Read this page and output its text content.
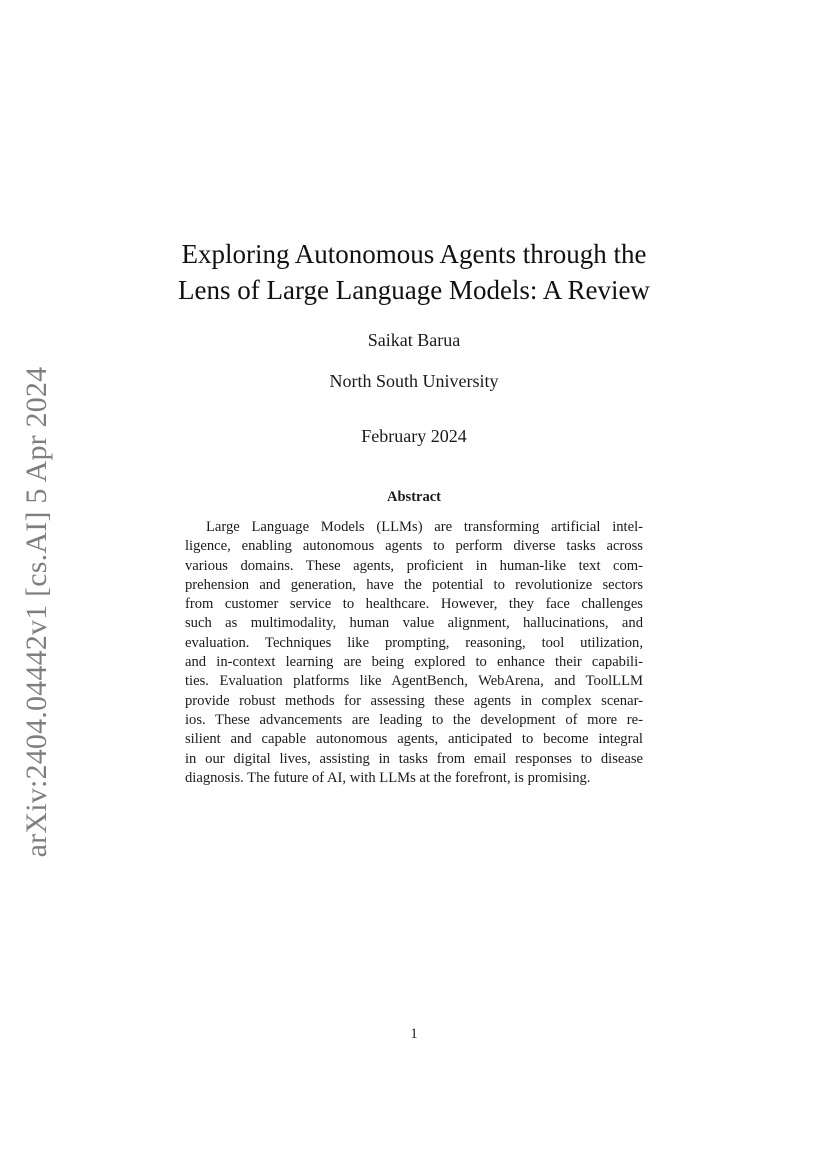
arXiv:2404.04442v1 [cs.AI] 5 Apr 2024
Exploring Autonomous Agents through the
Lens of Large Language Models: A Review
Saikat Barua
North South University
February 2024
Abstract
Large Language Models (LLMs) are transforming artificial intel-
ligence, enabling autonomous agents to perform diverse tasks across
various domains. These agents, proficient in human-like text com-
prehension and generation, have the potential to revolutionize sectors
from customer service to healthcare. However, they face challenges
such as multimodality, human value alignment, hallucinations, and
evaluation. Techniques like prompting, reasoning, tool utilization,
and in-context learning are being explored to enhance their capabili-
ties. Evaluation platforms like AgentBench, WebArena, and ToolLLM
provide robust methods for assessing these agents in complex scenar-
ios. These advancements are leading to the development of more re-
silient and capable autonomous agents, anticipated to become integral
in our digital lives, assisting in tasks from email responses to disease
diagnosis. The future of AI, with LLMs at the forefront, is promising.
1
